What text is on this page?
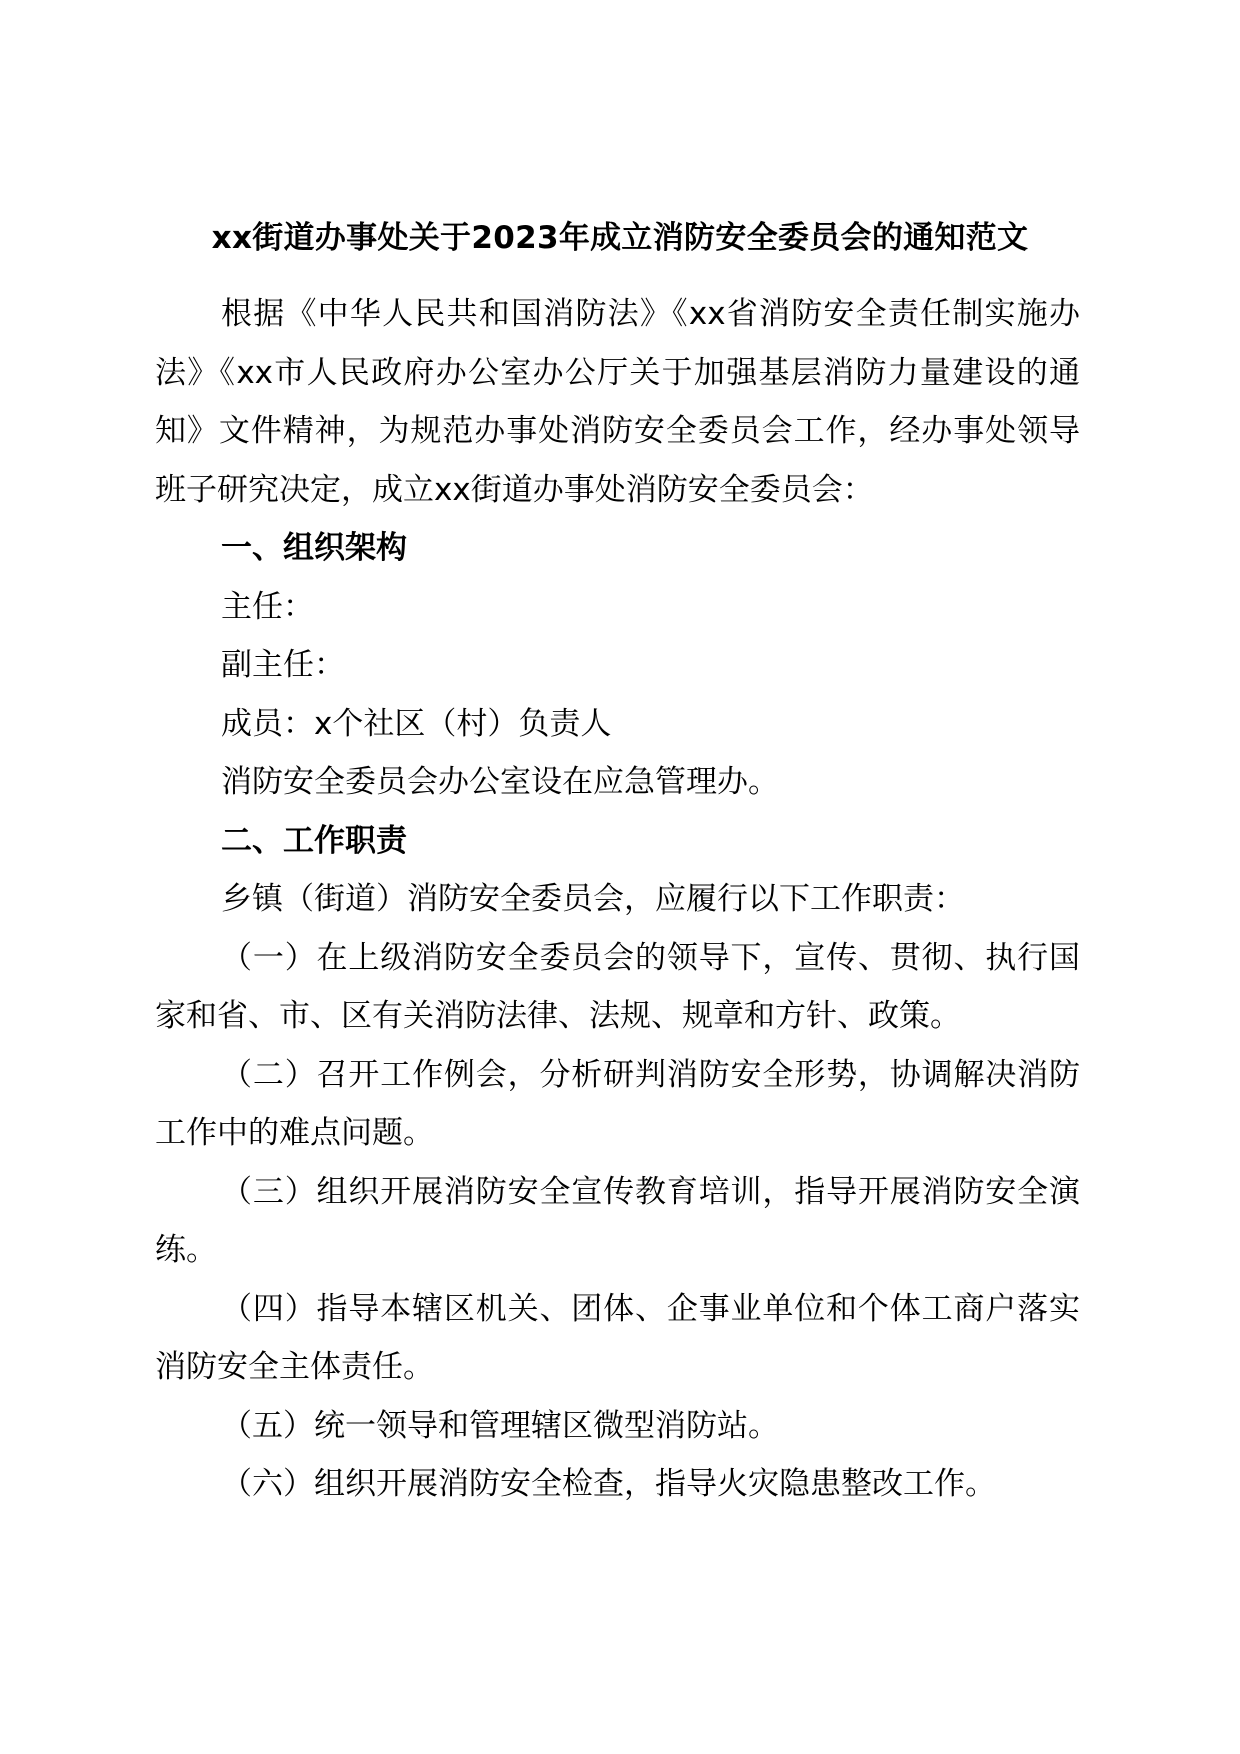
xx街道办事处关于2023年成立消防安全委员会的通知范文

根据《中华人民共和国消防法》《xx省消防安全责任制实施办法》《xx市人民政府办公室办公厅关于加强基层消防力量建设的通知》文件精神，为规范办事处消防安全委员会工作，经办事处领导班子研究决定，成立xx街道办事处消防安全委员会：

一、组织架构

主任：

副主任：

成员：x个社区（村）负责人

消防安全委员会办公室设在应急管理办。

二、工作职责

乡镇（街道）消防安全委员会，应履行以下工作职责：

（一）在上级消防安全委员会的领导下，宣传、贯彻、执行国家和省、市、区有关消防法律、法规、规章和方针、政策。

（二）召开工作例会，分析研判消防安全形势，协调解决消防工作中的难点问题。

（三）组织开展消防安全宣传教育培训，指导开展消防安全演练。

（四）指导本辖区机关、团体、企事业单位和个体工商户落实消防安全主体责任。

（五）统一领导和管理辖区微型消防站。

（六）组织开展消防安全检查，指导火灾隐患整改工作。
